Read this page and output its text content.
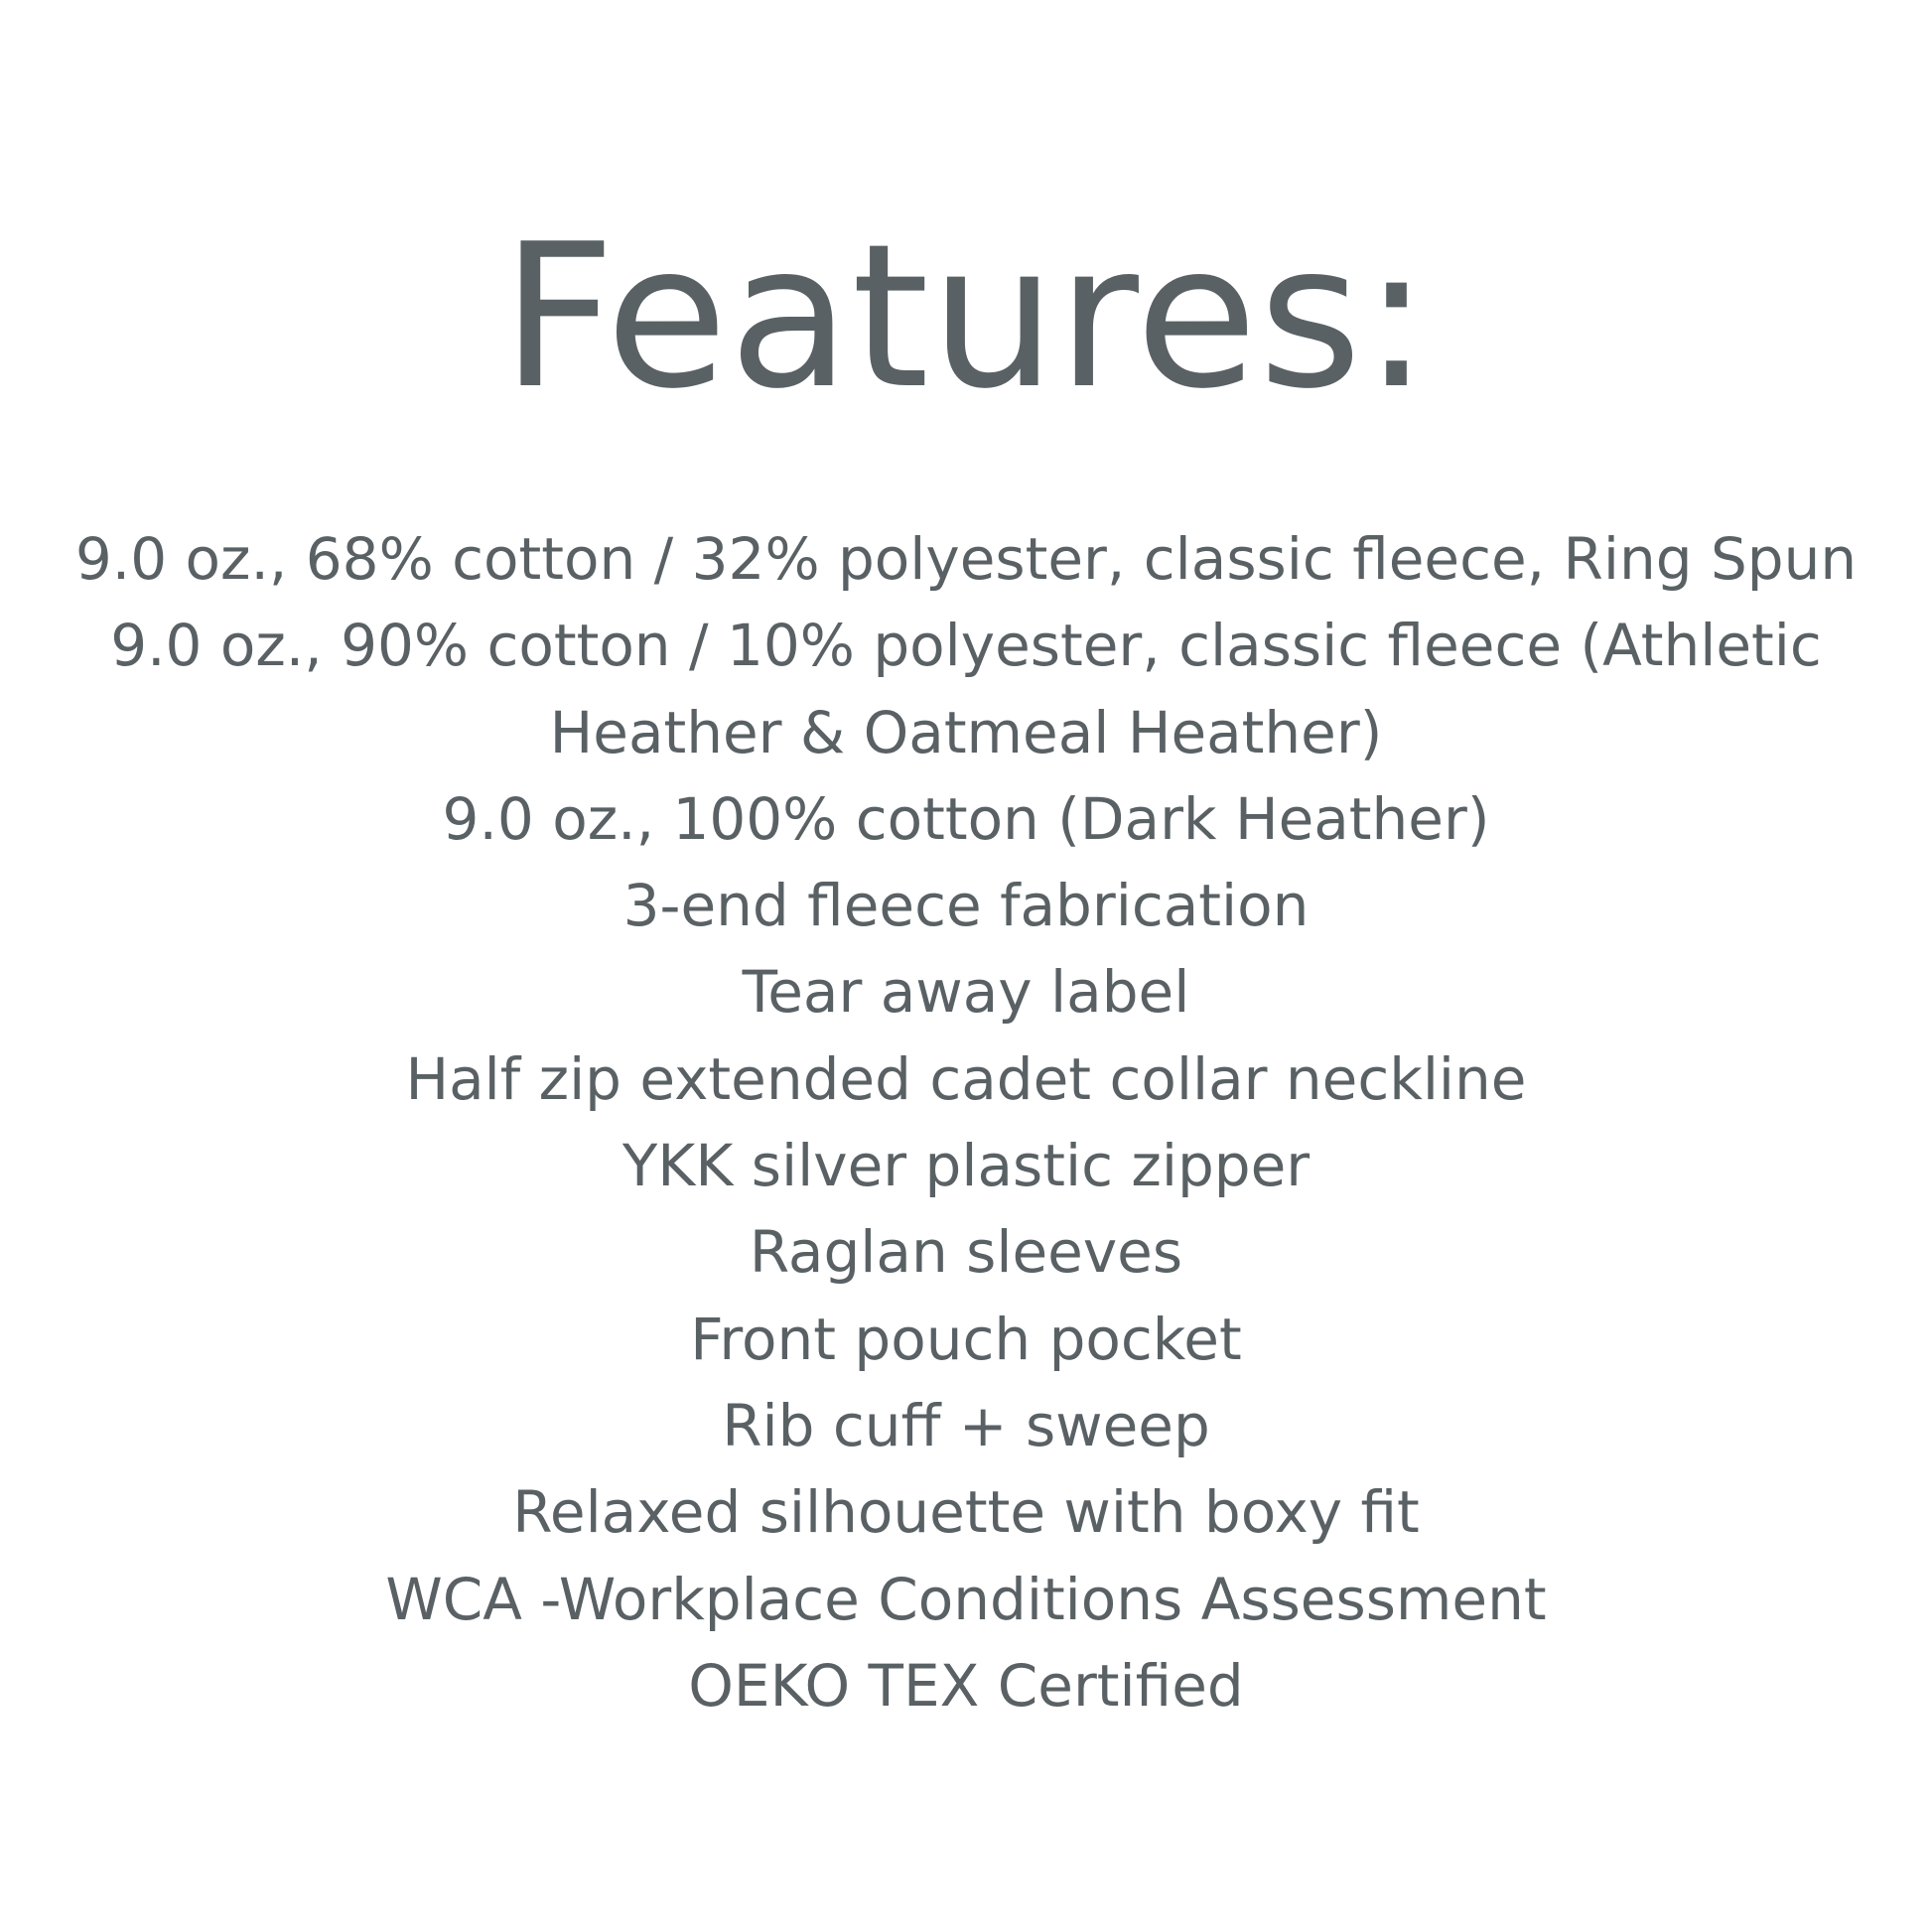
Features:
9.0 oz., 68% cotton / 32% polyester, classic fleece, Ring Spun
9.0 oz., 90% cotton / 10% polyester, classic fleece (Athletic
Heather & Oatmeal Heather)
9.0 oz., 100% cotton (Dark Heather)
3-end fleece fabrication
Tear away label
Half zip extended cadet collar neckline
YKK silver plastic zipper
Raglan sleeves
Front pouch pocket
Rib cuff + sweep
Relaxed silhouette with boxy fit
WCA -Workplace Conditions Assessment
OEKO TEX Certified
